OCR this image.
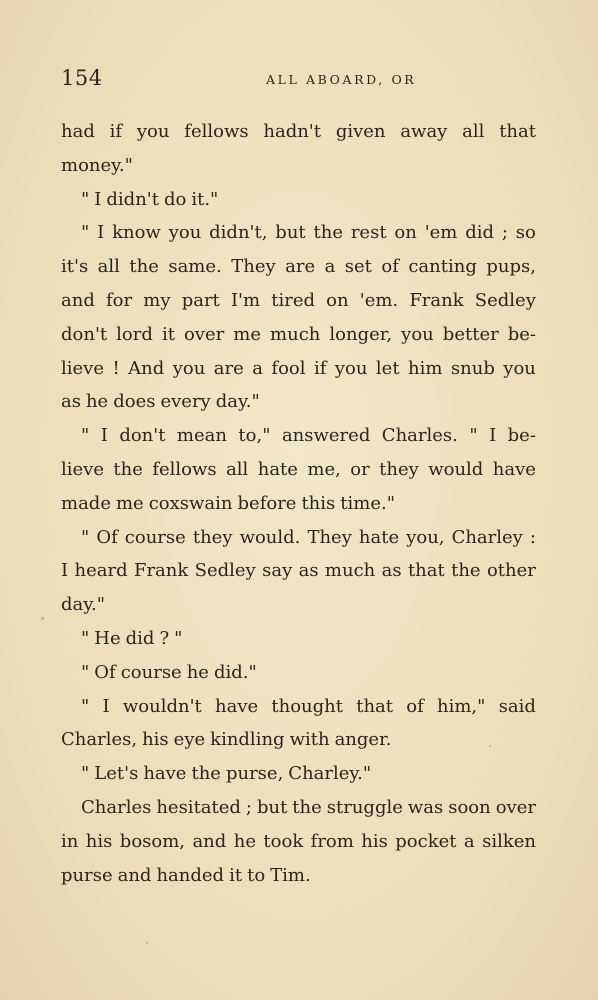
154	ALL ABOARD, OR
had if you fellows hadn't given away all that
money."
" I didn't do it."
" I know you didn't, but the rest on 'em did ; so
it's all the same. They are a set of canting pups,
and for my part I'm tired on 'em. Frank Sedley
don't lord it over me much longer, you better be-
lieve ! And you are a fool if you let him snub you
as he does every day."
" I don't mean to," answered Charles. " I be-
lieve the fellows all hate me, or they would have
made me coxswain before this time."
" Of course they would. They hate you, Charley :
I heard Frank Sedley say as much as that the other
day."
" He did ? "
" Of course he did."
" I wouldn't have thought that of him," said
Charles, his eye kindling with anger.
" Let's have the purse, Charley."
Charles hesitated ; but the struggle was soon over
in his bosom, and he took from his pocket a silken
purse and handed it to Tim.
